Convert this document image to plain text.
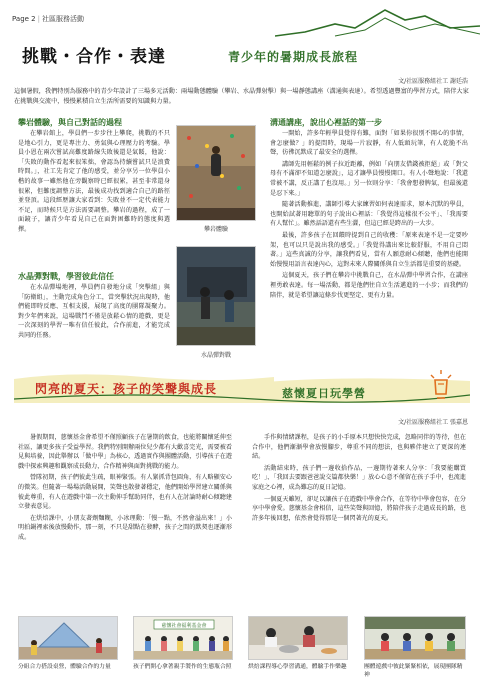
Page 2 | 社區服務活動
挑戰・合作・表達	青少年的暑期成長旅程
文/社區服務組社工 謝廷浩
這個暑假，我們特別為服務中的青少年設計了三場多元活動：兩場動態體驗（攀岩、水晶彈射擊）與一場靜態講座（溝通與表達）。希望透過豐富的學習方式，陪伴大家在挑戰與交流中，慢慢累積自立生活所需要的知識與力量。
攀岩體驗，與自己對話的過程

在攀岩館上，學員們一步步往上攀爬，挑戰的不只是地心引力，更是專注力、勇氣與心理壓力的考驗。學員小恩在兩次嘗試高難度路線失敗後還是氣餒，他說：「失敗的動作看起來很笨拙，會認為持續嘗試只是浪費時間。」，社工先肯定了他的感受，並分享另一位學員小楷的故事一雖然他在旁觀察時已經很累，甚至非常還身很累，但難度調整方法，最後成功找到適合自己的路徑並登頂。這段經歷讓大家看到：失敗並不一定代表能力不足，而時候只是方法需要調整。攀岩的過程，成了一面鏡子，讓青少年看見自己在面對困難時的態度與選擇。	攀岩體驗
水晶彈對戰，學習彼此信任

在水晶彈場地裡，學員們自發地分成「突擊組」與「防衛組」，主動完成角色分工，當突擊狀況出現時，他們能即時反應、互相支援，展現了高度的團隊凝聚力。對少年們來說，這場戰鬥不僅是放鬆心情的遊戲，更是一次深刻的學習一唯有信任彼此，合作前進，才能完成共同的任務。

水晶彈對戰
溝通講座，說出心裡話的第一步

一開始，許多年輕學員覺得有難，面對「如果你很別不開心的事情，會怎麼做？」的提問時，現場一片寂靜，有人低頭玩筆，有人乾脆不出聲，彷彿沉默成了最安全的選擇。

講師先用輕鬆的例子拉近距離，例如「向朋友借錢被拒絕」或「對父母有不滿卻不知道怎麼說」，這才讓學員慢慢開口。有人小聲地說：「我還常被不講，反正講了也沒用。」另一位則分享：「我會想發脾氣，但最後還是忍下來。」

隨著活動推進，講師引導大家練習如何表達需求，原本沉默的學員，也開始試著用聽單的句子說出心裡話：「我覺得這樣很不公平」、「我需要有人幫忙」。雖然話語還有些生澀，但這已經是跨出的一大步。

最後，許多孩子在回饋時提到自己的收穫：「原來表達不是一定要吵架，也可以只是說出我的感受。」「我覺得講出來比較舒服，不用自己悶著。」這些真誠的分享，讓我們看見，當有人願意耐心傾聽，他們也能開始慢慢用語言表達內心，這對未來人際關係與自立生活都是重要的基礎。

這個夏天，孩子們在攀岩中挑戰自己，在水晶彈中學習合作，在講座裡勇敢表達。每一場活動，都是他們往自立生活邁進的一小步；而我們的陪伴，就是希望讓這條步伐更堅定、更有力量。

閃亮的夏天：孩子的笑聲與成長	慈懷夏日玩學營
文/社區服務組社工 張嘉恩

暑假期間，慈懷基金會希望不僅照顧孩子在暑期的飲食，也能將關懷延伸至社區，讓更多孩子受益學習。我們特別開辦兩位兒少都有大歡喜完光，需要被看見與培養，因此舉辦以「做中學」為核心，透過實作與團體活動，引導孩子在遊戲中探索興趣和觀察成長動力，合作精神與面對挑戰的能力。

營隊初期，孩子們彼此生疏，眼神緊張。有人緊抓背包圓角，有人略顯安心的微笑。但隨著一場場活動展開，笑聲也散發著穩定，他們開始學習建立關係與彼此尊重，有人在遊戲中第一次主動伸手幫助同伴，也有人在討論時耐心傾聽建立發表意見。

在烘焙課中，小朋友著劑麵糊，小冰理動：「慢一點，不然會溢出來！」小明拍鍋裡索後放慢動作，那一刻，不只是甜點在發酵，孩子之間的默契也逐漸形成。

手作與情緒課程，是孩子的小手原本只想快快完成，忽略同伴的等待，但在合作中，他們漸漸學會放慢腳步，尊重不同的想法，也與夥伴建立了更深的連結。

活動結束時，孩子們一邊收拾作品，一邊期待著來人分享：「我要能購買吃！」、「我回去要跟爸爸說交篇都快樂！」放心心意不僅留在孩子手中，也流進家庭之心裡，成為難忘的夏日記憶。

一個夏天雖短，卻足以讓孩子在遊戲中學會合作，在等待中學會包容，在分享中學會愛。慈懷基金會相信，這些笑聲與回憶，將陪伴孩子走過成長的路，也許多年後回想，依然會覺得那是一個閃著光的夏天。

分組合力搭設桌營，體驗合作的力量
慈懷社會福利基金會
孩子們開心拿著親手製作的生態瓶合照	烘焙課程導心學習溝通，體驗手作樂趣	團體遊戲中彼此緊緊相依，展現團隊精神
